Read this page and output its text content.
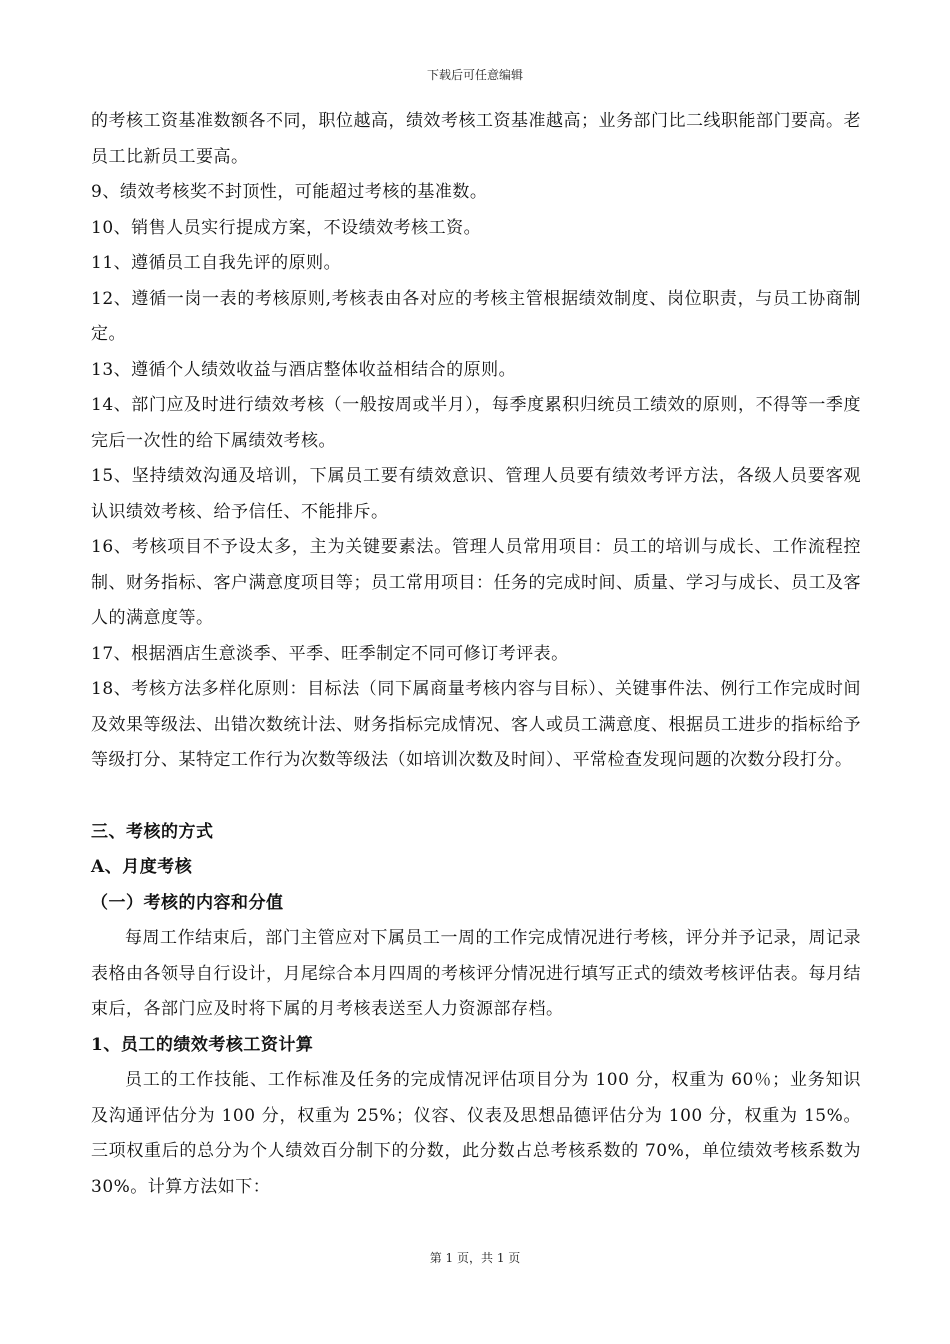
下载后可任意编辑

的考核工资基准数额各不同，职位越高，绩效考核工资基准越高；业务部门比二线职能部门要高。老员工比新员工要高。

9、绩效考核奖不封顶性，可能超过考核的基准数。

10、销售人员实行提成方案，不设绩效考核工资。

11、遵循员工自我先评的原则。

12、遵循一岗一表的考核原则,考核表由各对应的考核主管根据绩效制度、岗位职责，与员工协商制定。

13、遵循个人绩效收益与酒店整体收益相结合的原则。

14、部门应及时进行绩效考核（一般按周或半月），每季度累积归统员工绩效的原则，不得等一季度完后一次性的给下属绩效考核。

15、坚持绩效沟通及培训，下属员工要有绩效意识、管理人员要有绩效考评方法，各级人员要客观认识绩效考核、给予信任、不能排斥。

16、考核项目不予设太多，主为关键要素法。管理人员常用项目：员工的培训与成长、工作流程控制、财务指标、客户满意度项目等；员工常用项目：任务的完成时间、质量、学习与成长、员工及客人的满意度等。

17、根据酒店生意淡季、平季、旺季制定不同可修订考评表。

18、考核方法多样化原则：目标法（同下属商量考核内容与目标）、关键事件法、例行工作完成时间及效果等级法、出错次数统计法、财务指标完成情况、客人或员工满意度、根据员工进步的指标给予等级打分、某特定工作行为次数等级法（如培训次数及时间）、平常检查发现问题的次数分段打分。

三、考核的方式

A、月度考核

（一）考核的内容和分值

每周工作结束后，部门主管应对下属员工一周的工作完成情况进行考核，评分并予记录，周记录表格由各领导自行设计，月尾综合本月四周的考核评分情况进行填写正式的绩效考核评估表。每月结束后，各部门应及时将下属的月考核表送至人力资源部存档。

1、员工的绩效考核工资计算

员工的工作技能、工作标准及任务的完成情况评估项目分为 100 分，权重为 60％；业务知识及沟通评估分为 100 分，权重为 25%；仪容、仪表及思想品德评估分为 100 分，权重为 15%。三项权重后的总分为个人绩效百分制下的分数，此分数占总考核系数的 70%，单位绩效考核系数为 30%。计算方法如下：

第 1 页，共 1 页
